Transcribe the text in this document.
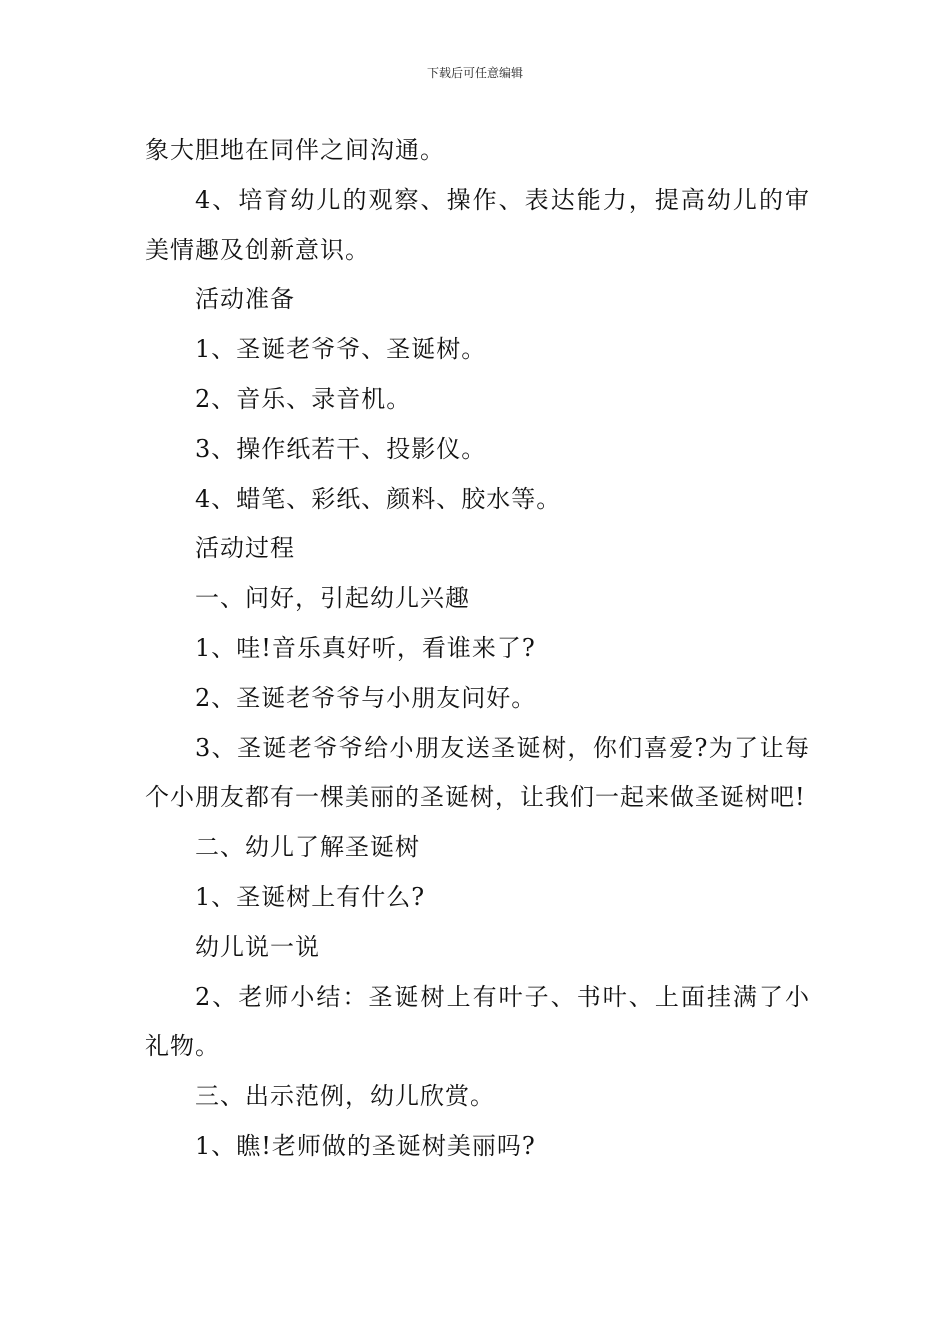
下载后可任意编辑

象大胆地在同伴之间沟通。

4、培育幼儿的观察、操作、表达能力，提高幼儿的审美情趣及创新意识。

活动准备

1、圣诞老爷爷、圣诞树。

2、音乐、录音机。

3、操作纸若干、投影仪。

4、蜡笔、彩纸、颜料、胶水等。

活动过程

一、问好，引起幼儿兴趣

1、哇!音乐真好听，看谁来了?

2、圣诞老爷爷与小朋友问好。

3、圣诞老爷爷给小朋友送圣诞树，你们喜爱?为了让每个小朋友都有一棵美丽的圣诞树，让我们一起来做圣诞树吧!

二、幼儿了解圣诞树

1、圣诞树上有什么?

幼儿说一说

2、老师小结：圣诞树上有叶子、书叶、上面挂满了小礼物。

三、出示范例，幼儿欣赏。

1、瞧!老师做的圣诞树美丽吗?
